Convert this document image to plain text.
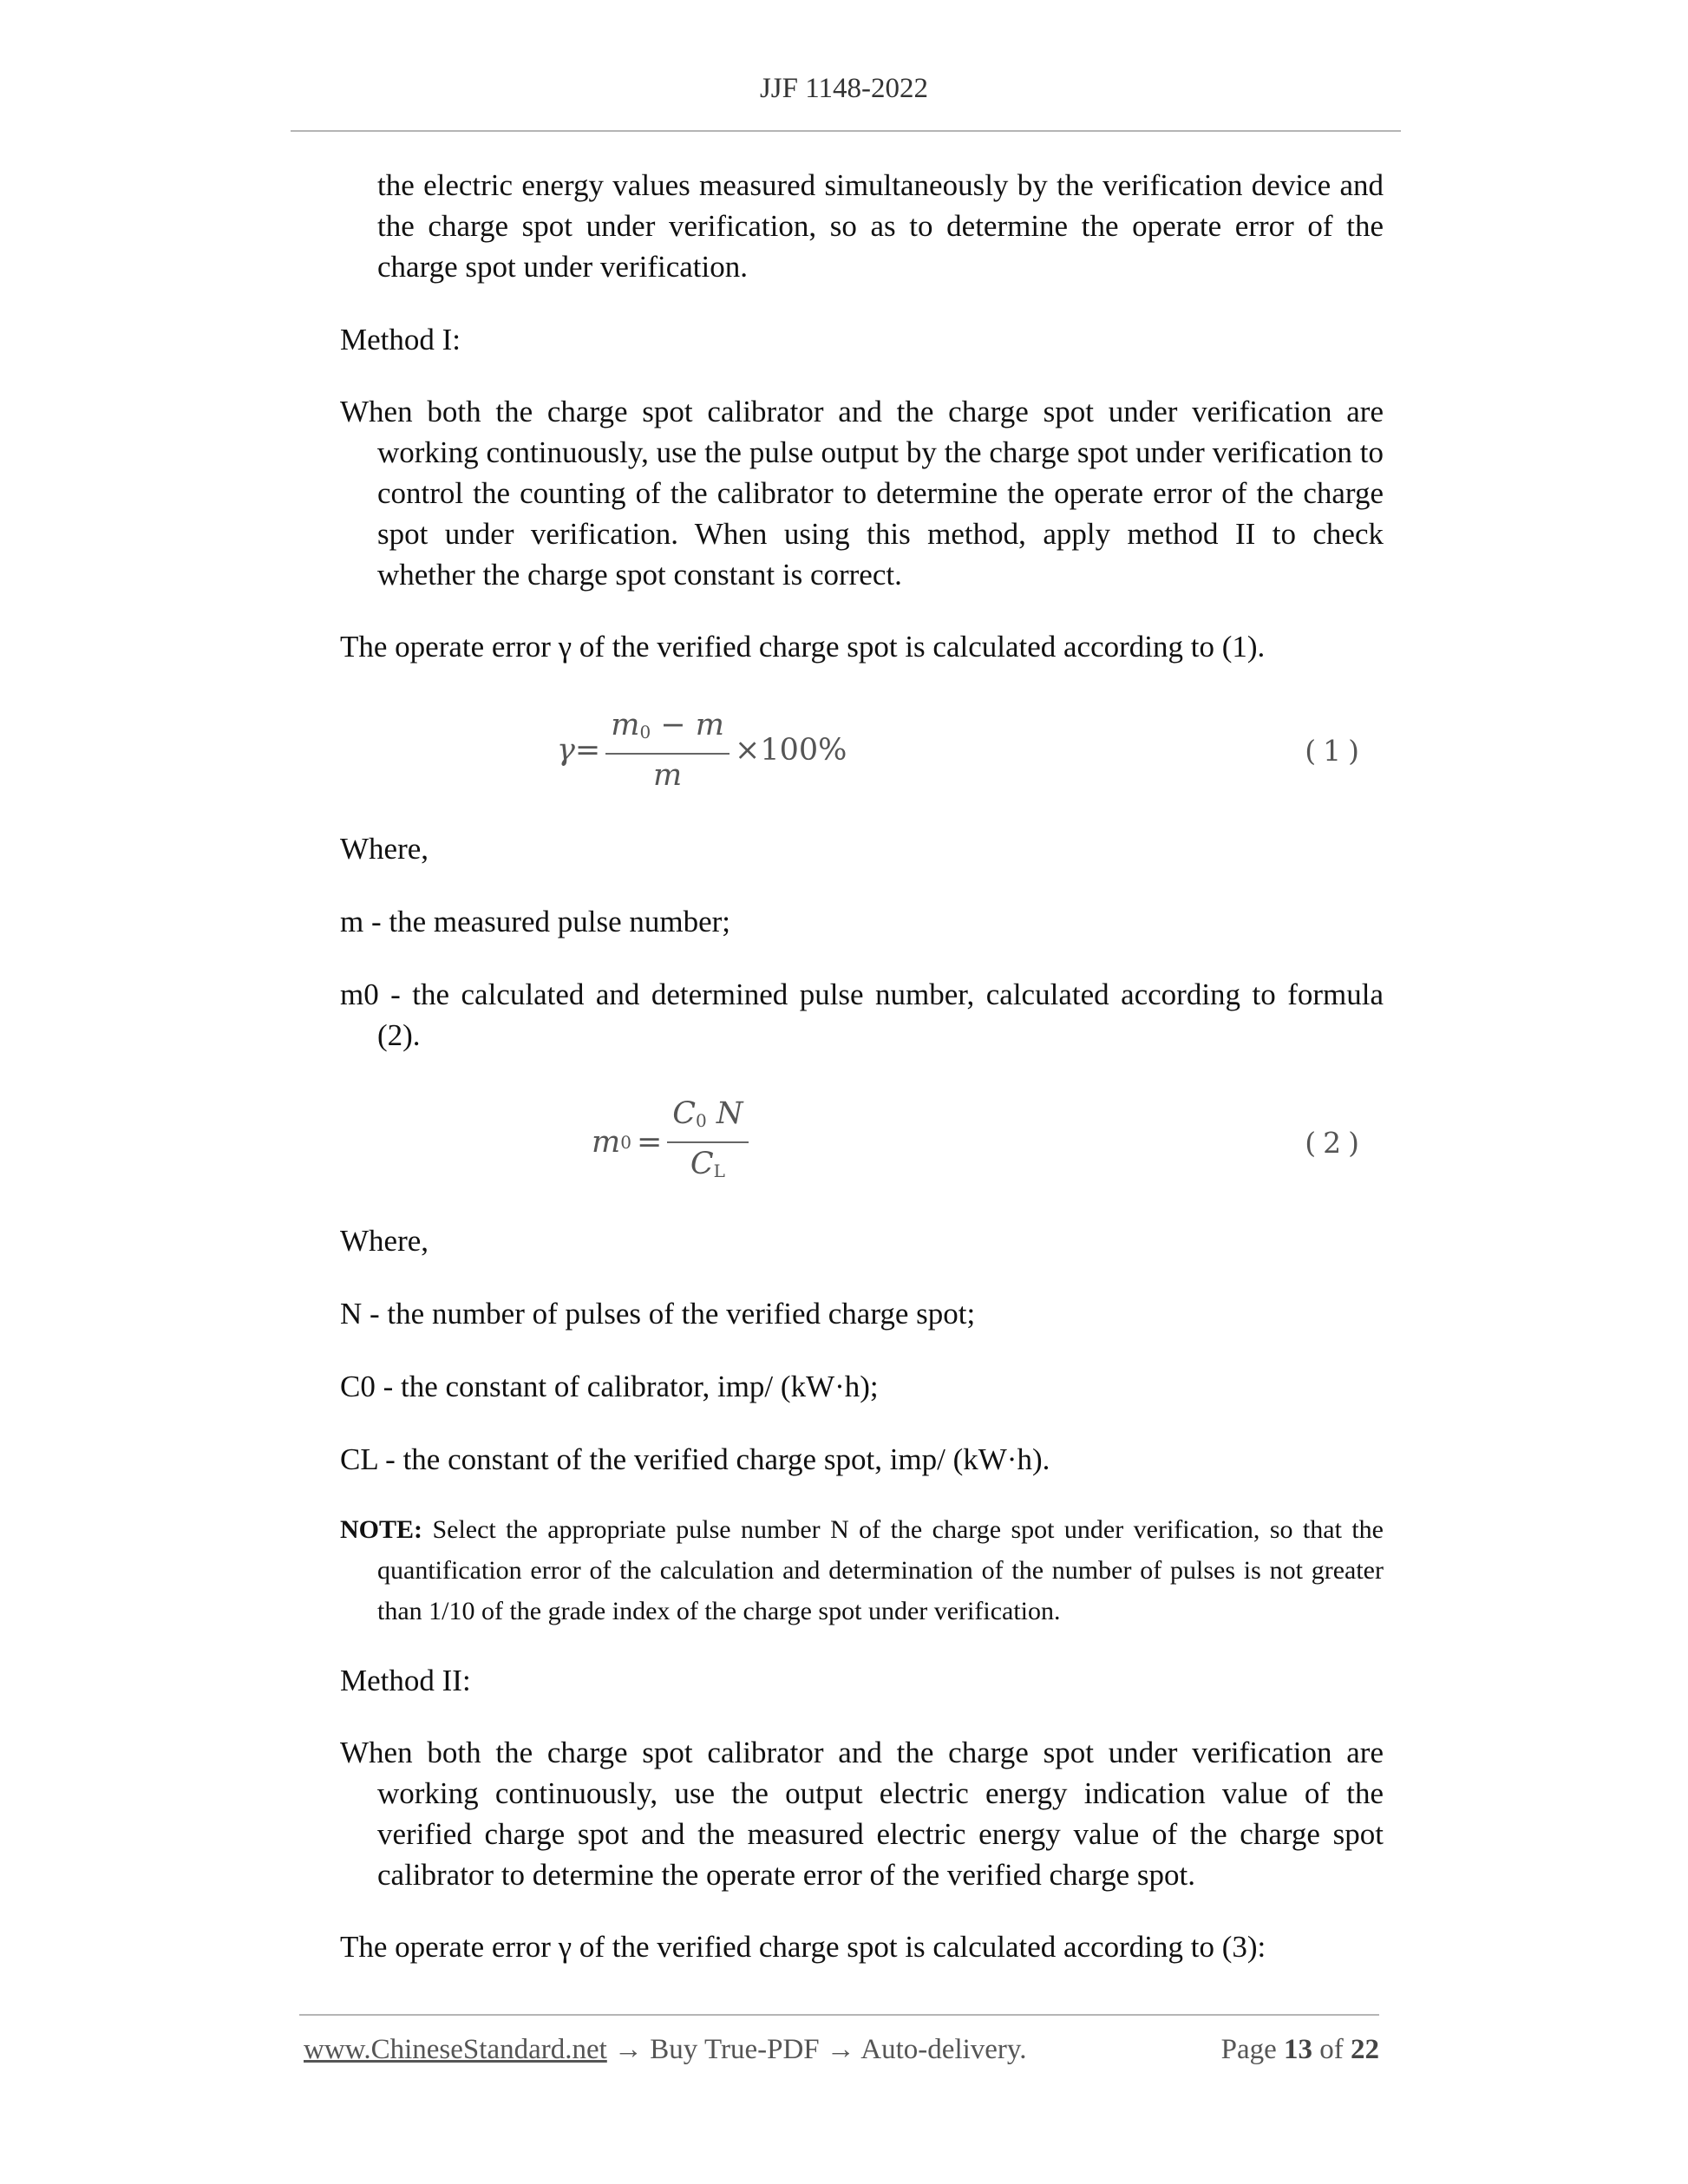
JJF 1148-2022

the electric energy values measured simultaneously by the verification device and the charge spot under verification, so as to determine the operate error of the charge spot under verification.

Method I:

When both the charge spot calibrator and the charge spot under verification are working continuously, use the pulse output by the charge spot under verification to control the counting of the calibrator to determine the operate error of the charge spot under verification. When using this method, apply method II to check whether the charge spot constant is correct.

The operate error γ of the verified charge spot is calculated according to (1).

$\gamma = \frac{m_0 - m}{m} \times 100\%$	(1)

Where,

m - the measured pulse number;

m0 - the calculated and determined pulse number, calculated according to formula (2).

m $0 = \frac{C_0 N}{C_L}$	(2)

Where,

N - the number of pulses of the verified charge spot;

C0 - the constant of calibrator, imp/ (kW·h);

CL - the constant of the verified charge spot, imp/ (kW·h).

NOTE: Select the appropriate pulse number N of the charge spot under verification, so that the quantification error of the calculation and determination of the number of pulses is not greater than 1/10 of the grade index of the charge spot under verification.

Method II:

When both the charge spot calibrator and the charge spot under verification are working continuously, use the output electric energy indication value of the verified charge spot and the measured electric energy value of the charge spot calibrator to determine the operate error of the verified charge spot.

The operate error γ of the verified charge spot is calculated according to (3):

www.ChineseStandard.net → Buy True-PDF → Auto-delivery.	Page 13 of 22
